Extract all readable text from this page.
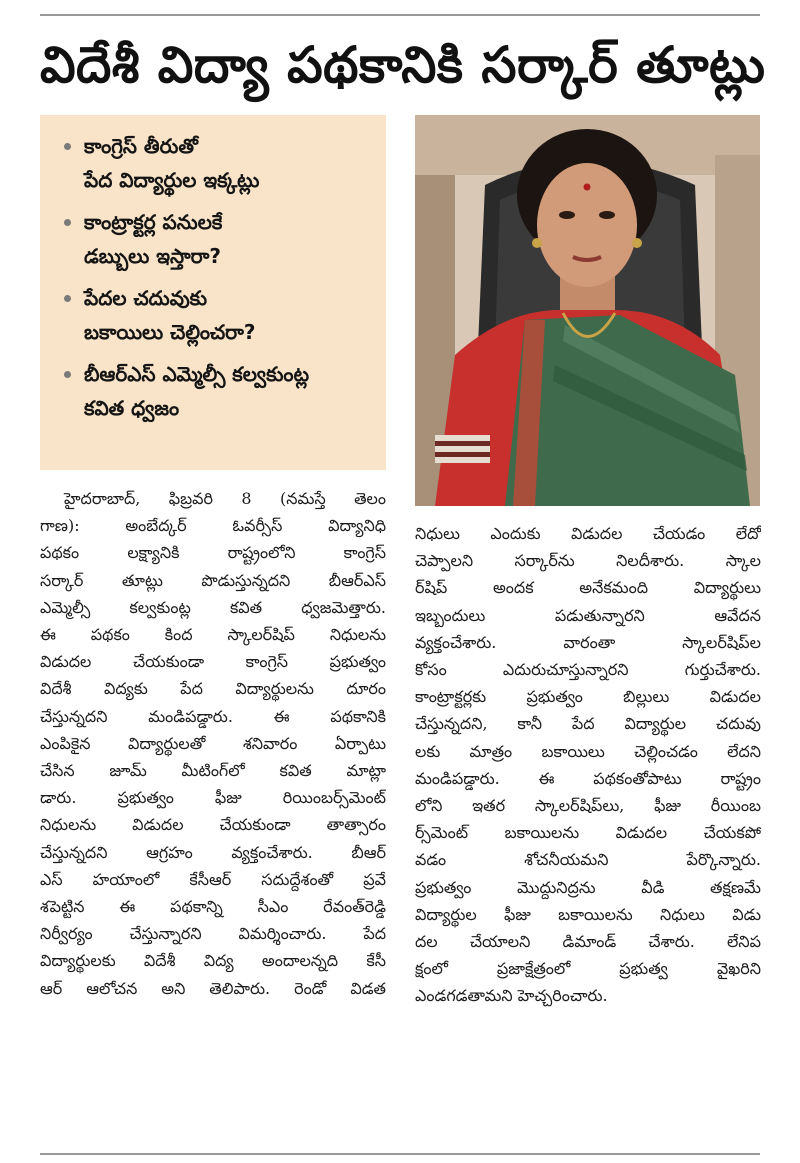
విదేశీ విద్యా పథకానికి సర్కార్ తూట్లు
కాంగ్రెస్ తీరుతో
పేద విద్యార్థుల ఇక్కట్లు
కాంట్రాక్టర్ల పనులకే
డబ్బులు ఇస్తారా?
పేదల చదువుకు
బకాయిలు చెల్లించరా?
బీఆర్ఎస్ ఎమ్మెల్సీ కల్వకుంట్ల
కవిత ధ్వజం
హైదరాబాద్, ఫిబ్రవరి 8 (నమస్తే తెలం
గాణ): అంబేద్కర్ ఓవర్సీస్ విద్యానిధి
పథకం లక్ష్యానికి రాష్ట్రంలోని కాంగ్రెస్
సర్కార్ తూట్లు పొడుస్తున్నదని బీఆర్ఎస్
ఎమ్మెల్సీ కల్వకుంట్ల కవిత ధ్వజమెత్తారు.
ఈ పథకం కింద స్కాలర్‌షిప్ నిధులను
విడుదల చేయకుండా కాంగ్రెస్ ప్రభుత్వం
విదేశీ విద్యకు పేద విద్యార్థులను దూరం
చేస్తున్నదని మండిపడ్డారు. ఈ పథకానికి
ఎంపికైన విద్యార్థులతో శనివారం ఏర్పాటు
చేసిన జూమ్ మీటింగ్‌లో కవిత మాట్లా
డారు. ప్రభుత్వం ఫీజు రియింబర్స్‌మెంట్
నిధులను విడుదల చేయకుండా తాత్సారం
చేస్తున్నదని ఆగ్రహం వ్యక్తంచేశారు. బీఆర్
ఎస్ హయాంలో కేసీఆర్ సదుద్దేశంతో ప్రవే
శపెట్టిన ఈ పథకాన్ని సీఎం రేవంత్‌రెడ్డి
నిర్వీర్యం చేస్తున్నారని విమర్శించారు. పేద
విద్యార్థులకు విదేశీ విద్య అందాలన్నది కేసీ
ఆర్ ఆలోచన అని తెలిపారు. రెండో విడత
నిధులు ఎందుకు విడుదల చేయడం లేదో
చెప్పాలని సర్కార్‌ను నిలదీశారు. స్కాల
ర్‌షిప్ అందక అనేకమంది విద్యార్థులు
ఇబ్బందులు పడుతున్నారని ఆవేదన
వ్యక్తంచేశారు. వారంతా స్కాలర్‌షిప్‌ల
కోసం ఎదురుచూస్తున్నారని గుర్తుచేశారు.
కాంట్రాక్టర్లకు ప్రభుత్వం బిల్లులు విడుదల
చేస్తున్నదని, కానీ పేద విద్యార్థుల చదువు
లకు మాత్రం బకాయిలు చెల్లించడం లేదని
మండిపడ్డారు. ఈ పథకంతోపాటు రాష్ట్రం
లోని ఇతర స్కాలర్‌షిప్‌లు, ఫీజు రీయింబ
ర్స్‌మెంట్ బకాయిలను విడుదల చేయకపో
వడం శోచనీయమని పేర్కొన్నారు.
ప్రభుత్వం మొద్దునిద్రను వీడి తక్షణమే
విద్యార్థుల ఫీజు బకాయిలను నిధులు విడు
దల చేయాలని డిమాండ్ చేశారు. లేనిప
క్షంలో ప్రజాక్షేత్రంలో ప్రభుత్వ వైఖరిని
ఎండగడతామని హెచ్చరించారు.
